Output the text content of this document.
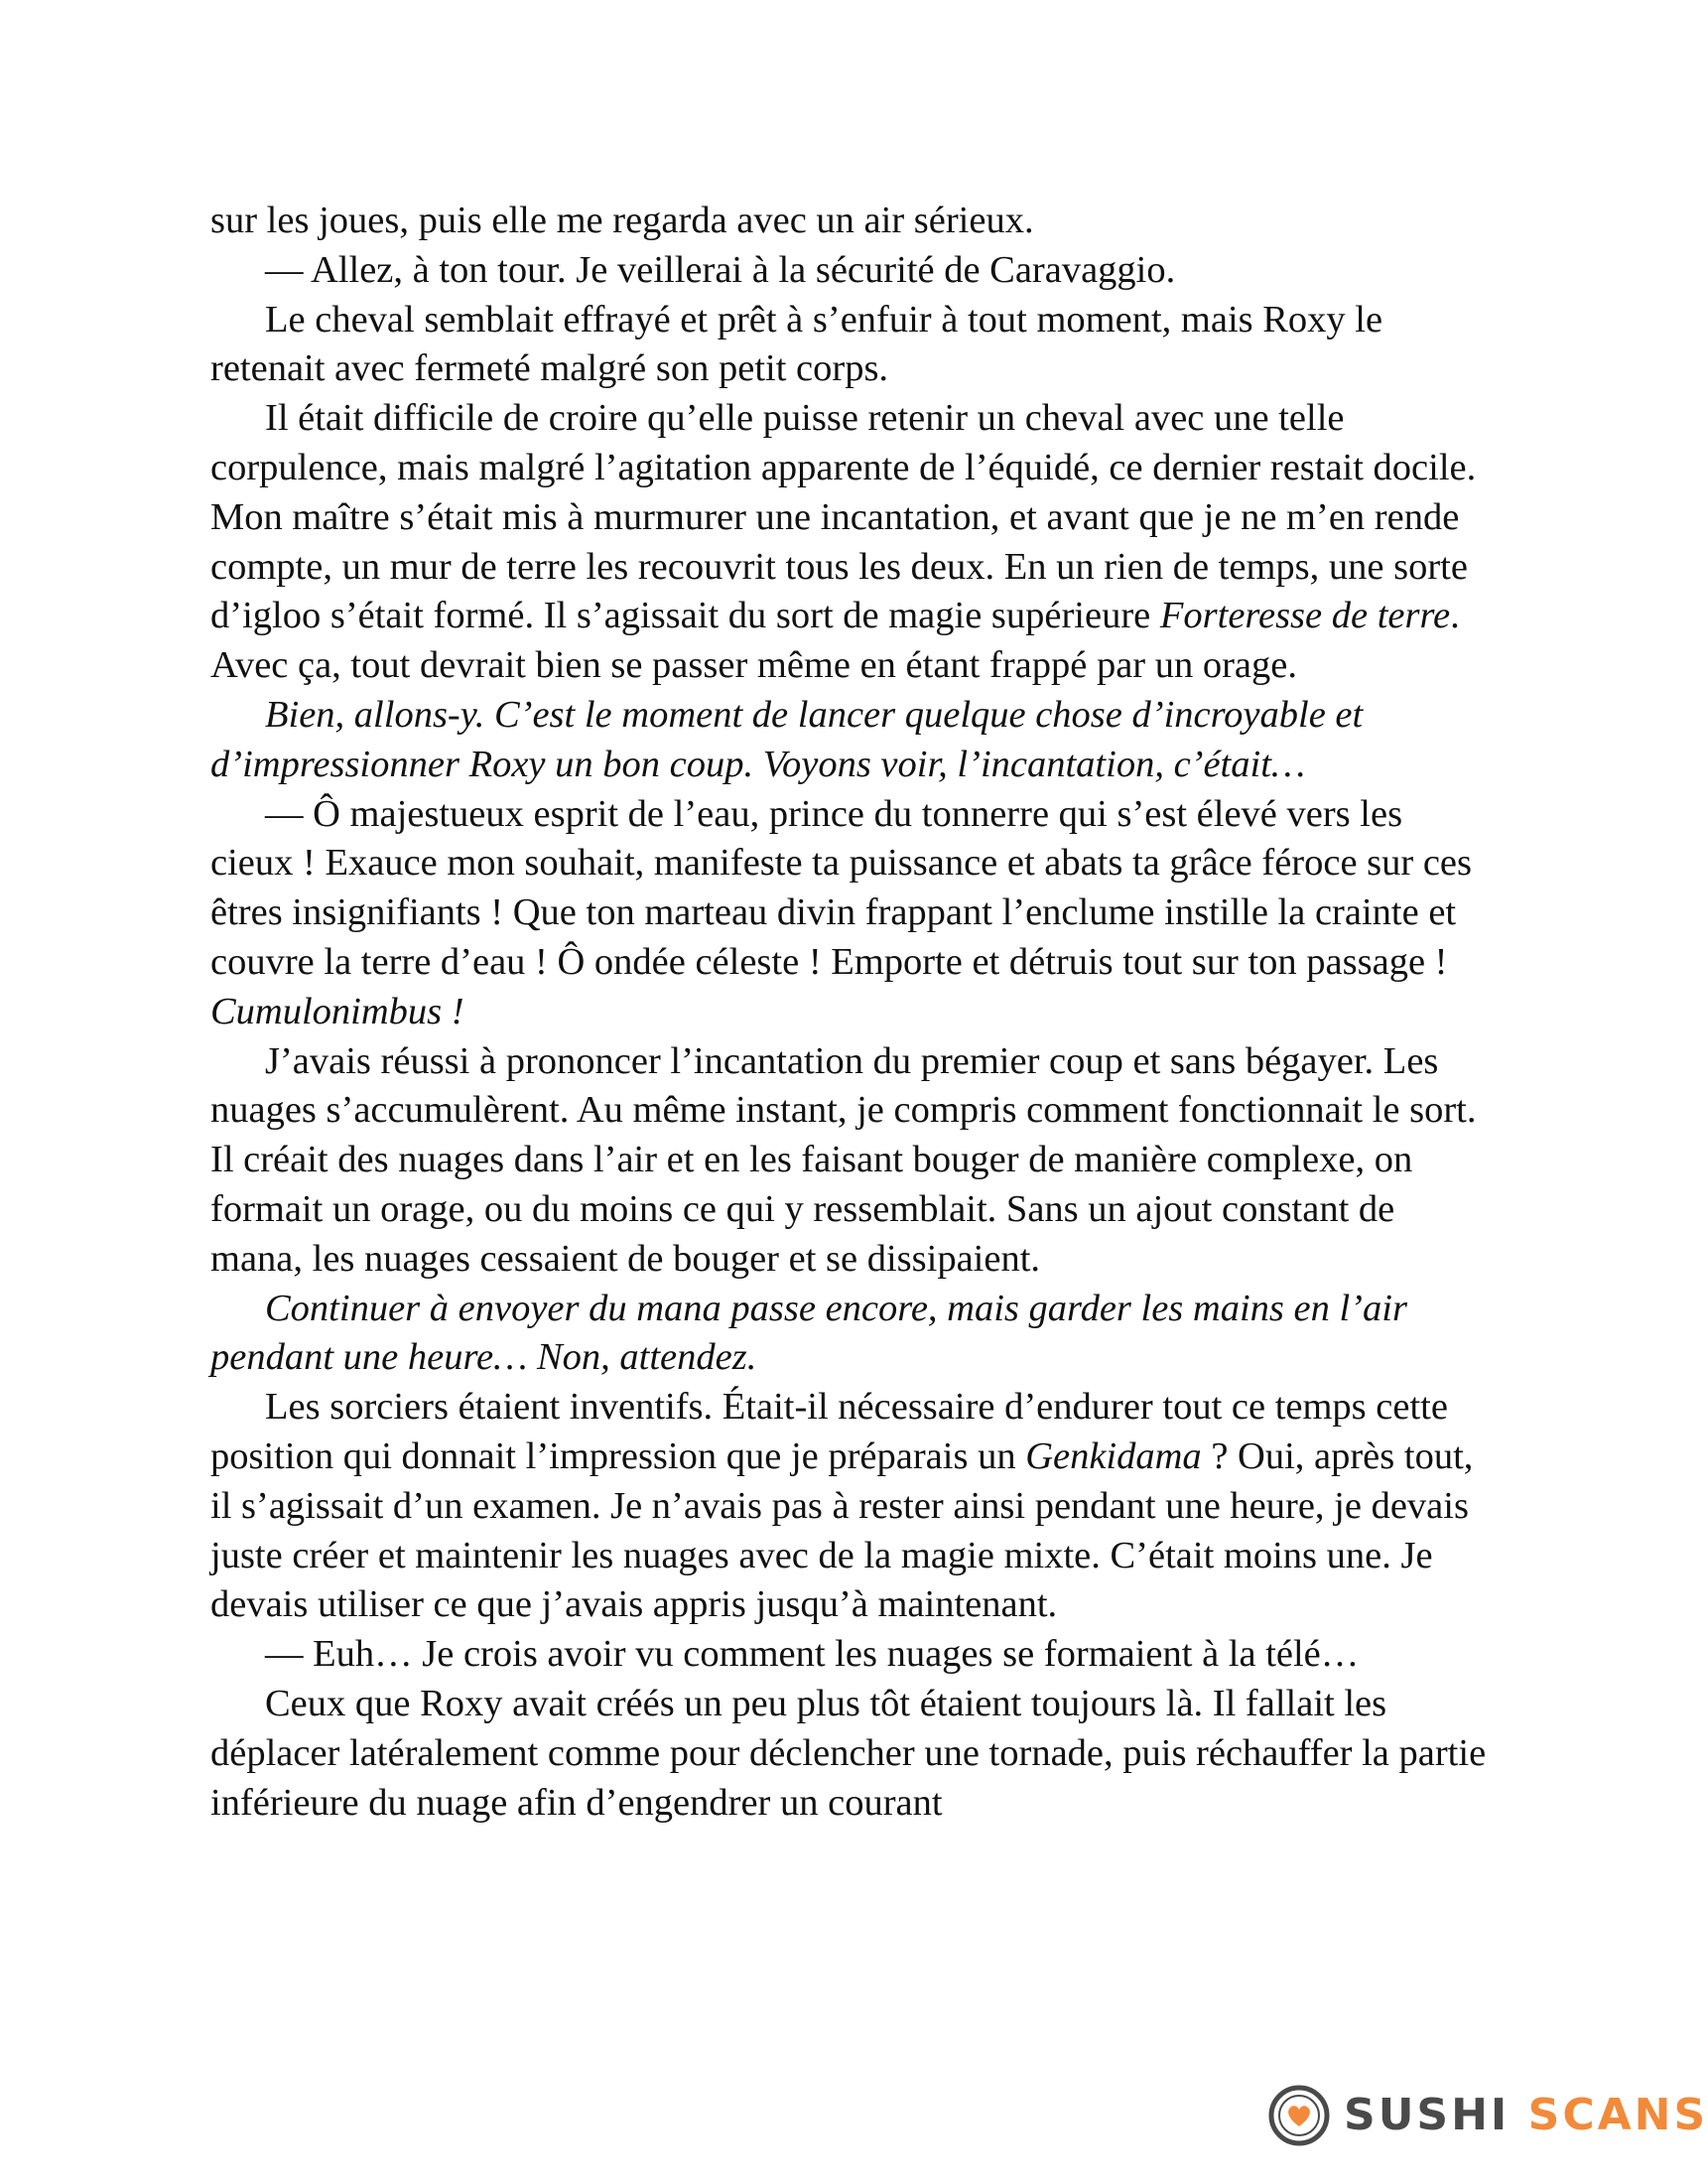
sur les joues, puis elle me regarda avec un air sérieux.

— Allez, à ton tour. Je veillerai à la sécurité de Caravaggio.

Le cheval semblait effrayé et prêt à s’enfuir à tout moment, mais Roxy le retenait avec fermeté malgré son petit corps.

Il était difficile de croire qu’elle puisse retenir un cheval avec une telle corpulence, mais malgré l’agitation apparente de l’équidé, ce dernier restait docile. Mon maître s’était mis à murmurer une incantation, et avant que je ne m’en rende compte, un mur de terre les recouvrit tous les deux. En un rien de temps, une sorte d’igloo s’était formé. Il s’agissait du sort de magie supérieure Forteresse de terre. Avec ça, tout devrait bien se passer même en étant frappé par un orage.

Bien, allons-y. C’est le moment de lancer quelque chose d’incroyable et d’impressionner Roxy un bon coup. Voyons voir, l’incantation, c’était…

— Ô majestueux esprit de l’eau, prince du tonnerre qui s’est élevé vers les cieux ! Exauce mon souhait, manifeste ta puissance et abats ta grâce féroce sur ces êtres insignifiants ! Que ton marteau divin frappant l’enclume instille la crainte et couvre la terre d’eau ! Ô ondée céleste ! Emporte et détruis tout sur ton passage ! Cumulonimbus !

J’avais réussi à prononcer l’incantation du premier coup et sans bégayer. Les nuages s’accumulèrent. Au même instant, je compris comment fonctionnait le sort. Il créait des nuages dans l’air et en les faisant bouger de manière complexe, on formait un orage, ou du moins ce qui y ressemblait. Sans un ajout constant de mana, les nuages cessaient de bouger et se dissipaient.

Continuer à envoyer du mana passe encore, mais garder les mains en l’air pendant une heure… Non, attendez.

Les sorciers étaient inventifs. Était-il nécessaire d’endurer tout ce temps cette position qui donnait l’impression que je préparais un Genkidama ? Oui, après tout, il s’agissait d’un examen. Je n’avais pas à rester ainsi pendant une heure, je devais juste créer et maintenir les nuages avec de la magie mixte. C’était moins une. Je devais utiliser ce que j’avais appris jusqu’à maintenant.

— Euh… Je crois avoir vu comment les nuages se formaient à la télé…

Ceux que Roxy avait créés un peu plus tôt étaient toujours là. Il fallait les déplacer latéralement comme pour déclencher une tornade, puis réchauffer la partie inférieure du nuage afin d’engendrer un courant

SUSHI SCANS
